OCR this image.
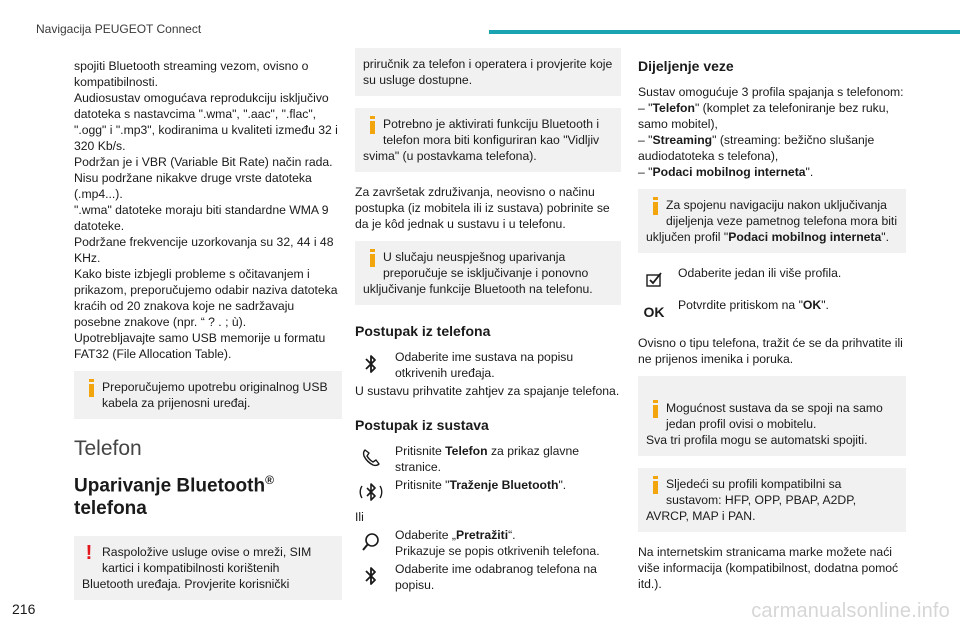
Navigacija PEUGEOT Connect

spojiti Bluetooth streaming vezom, ovisno o kompatibilnosti.
Audiosustav omogućava reprodukciju isključivo datoteka s nastavcima ".wma", ".aac", ".flac", ".ogg" i ".mp3", kodiranima u kvaliteti između 32 i 320 Kb/s.
Podržan je i VBR (Variable Bit Rate) način rada.
Nisu podržane nikakve druge vrste datoteka (.mp4...).
".wma" datoteke moraju biti standardne WMA 9 datoteke.
Podržane frekvencije uzorkovanja su 32, 44 i 48 KHz.
Kako biste izbjegli probleme s očitavanjem i prikazom, preporučujemo odabir naziva datoteka kraćih od 20 znakova koje ne sadržavaju posebne znakove (npr. “ ? . ; ù).
Upotrebljavajte samo USB memorije u formatu FAT32 (File Allocation Table).

Preporučujemo upotrebu originalnog USB kabela za prijenosni uređaj.
Telefon
Uparivanje Bluetooth®
telefona
! Raspoložive usluge ovise o mreži, SIM kartici i kompatibilnosti korištenih Bluetooth uređaja. Provjerite korisnički
priručnik za telefon i operatera i provjerite koje su usluge dostupne.
Potrebno je aktivirati funkciju Bluetooth i telefon mora biti konfiguriran kao "Vidljiv svima" (u postavkama telefona).

Za završetak združivanja, neovisno o načinu postupka (iz mobitela ili iz sustava) pobrinite se da je kôd jednak u sustavu i u telefonu.

U slučaju neuspješnog uparivanja preporučuje se isključivanje i ponovno uključivanje funkcije Bluetooth na telefonu.
Postupak iz telefona
Odaberite ime sustava na popisu otkrivenih uređaja.

U sustavu prihvatite zahtjev za spajanje telefona.

Postupak iz sustava
Pritisnite Telefon za prikaz glavne stranice.
Pritisnite "Traženje Bluetooth".
Ili
Odaberite „Pretražiti“.
Prikazuje se popis otkrivenih telefona.
Odaberite ime odabranog telefona na popisu.
Dijeljenje veze

Sustav omogućuje 3 profila spajanja s telefonom:
– "Telefon" (komplet za telefoniranje bez ruku, samo mobitel),
– "Streaming" (streaming: bežično slušanje audiodatoteka s telefona),
– "Podaci mobilnog interneta".

Za spojenu navigaciju nakon uključivanja dijeljenja veze pametnog telefona mora biti uključen profil "Podaci mobilnog interneta".
Odaberite jedan ili više profila.
OK	Potvrdite pritiskom na "OK".

Ovisno o tipu telefona, tražit će se da prihvatite ili ne prijenos imenika i poruka.

Mogućnost sustava da se spoji na samo jedan profil ovisi o mobitelu.
Sva tri profila mogu se automatski spojiti.

Sljedeći su profili kompatibilni sa sustavom: HFP, OPP, PBAP, A2DP, AVRCP, MAP i PAN.

Na internetskim stranicama marke možete naći više informacija (kompatibilnost, dodatna pomoć itd.).

216	carmanualsonline.info
